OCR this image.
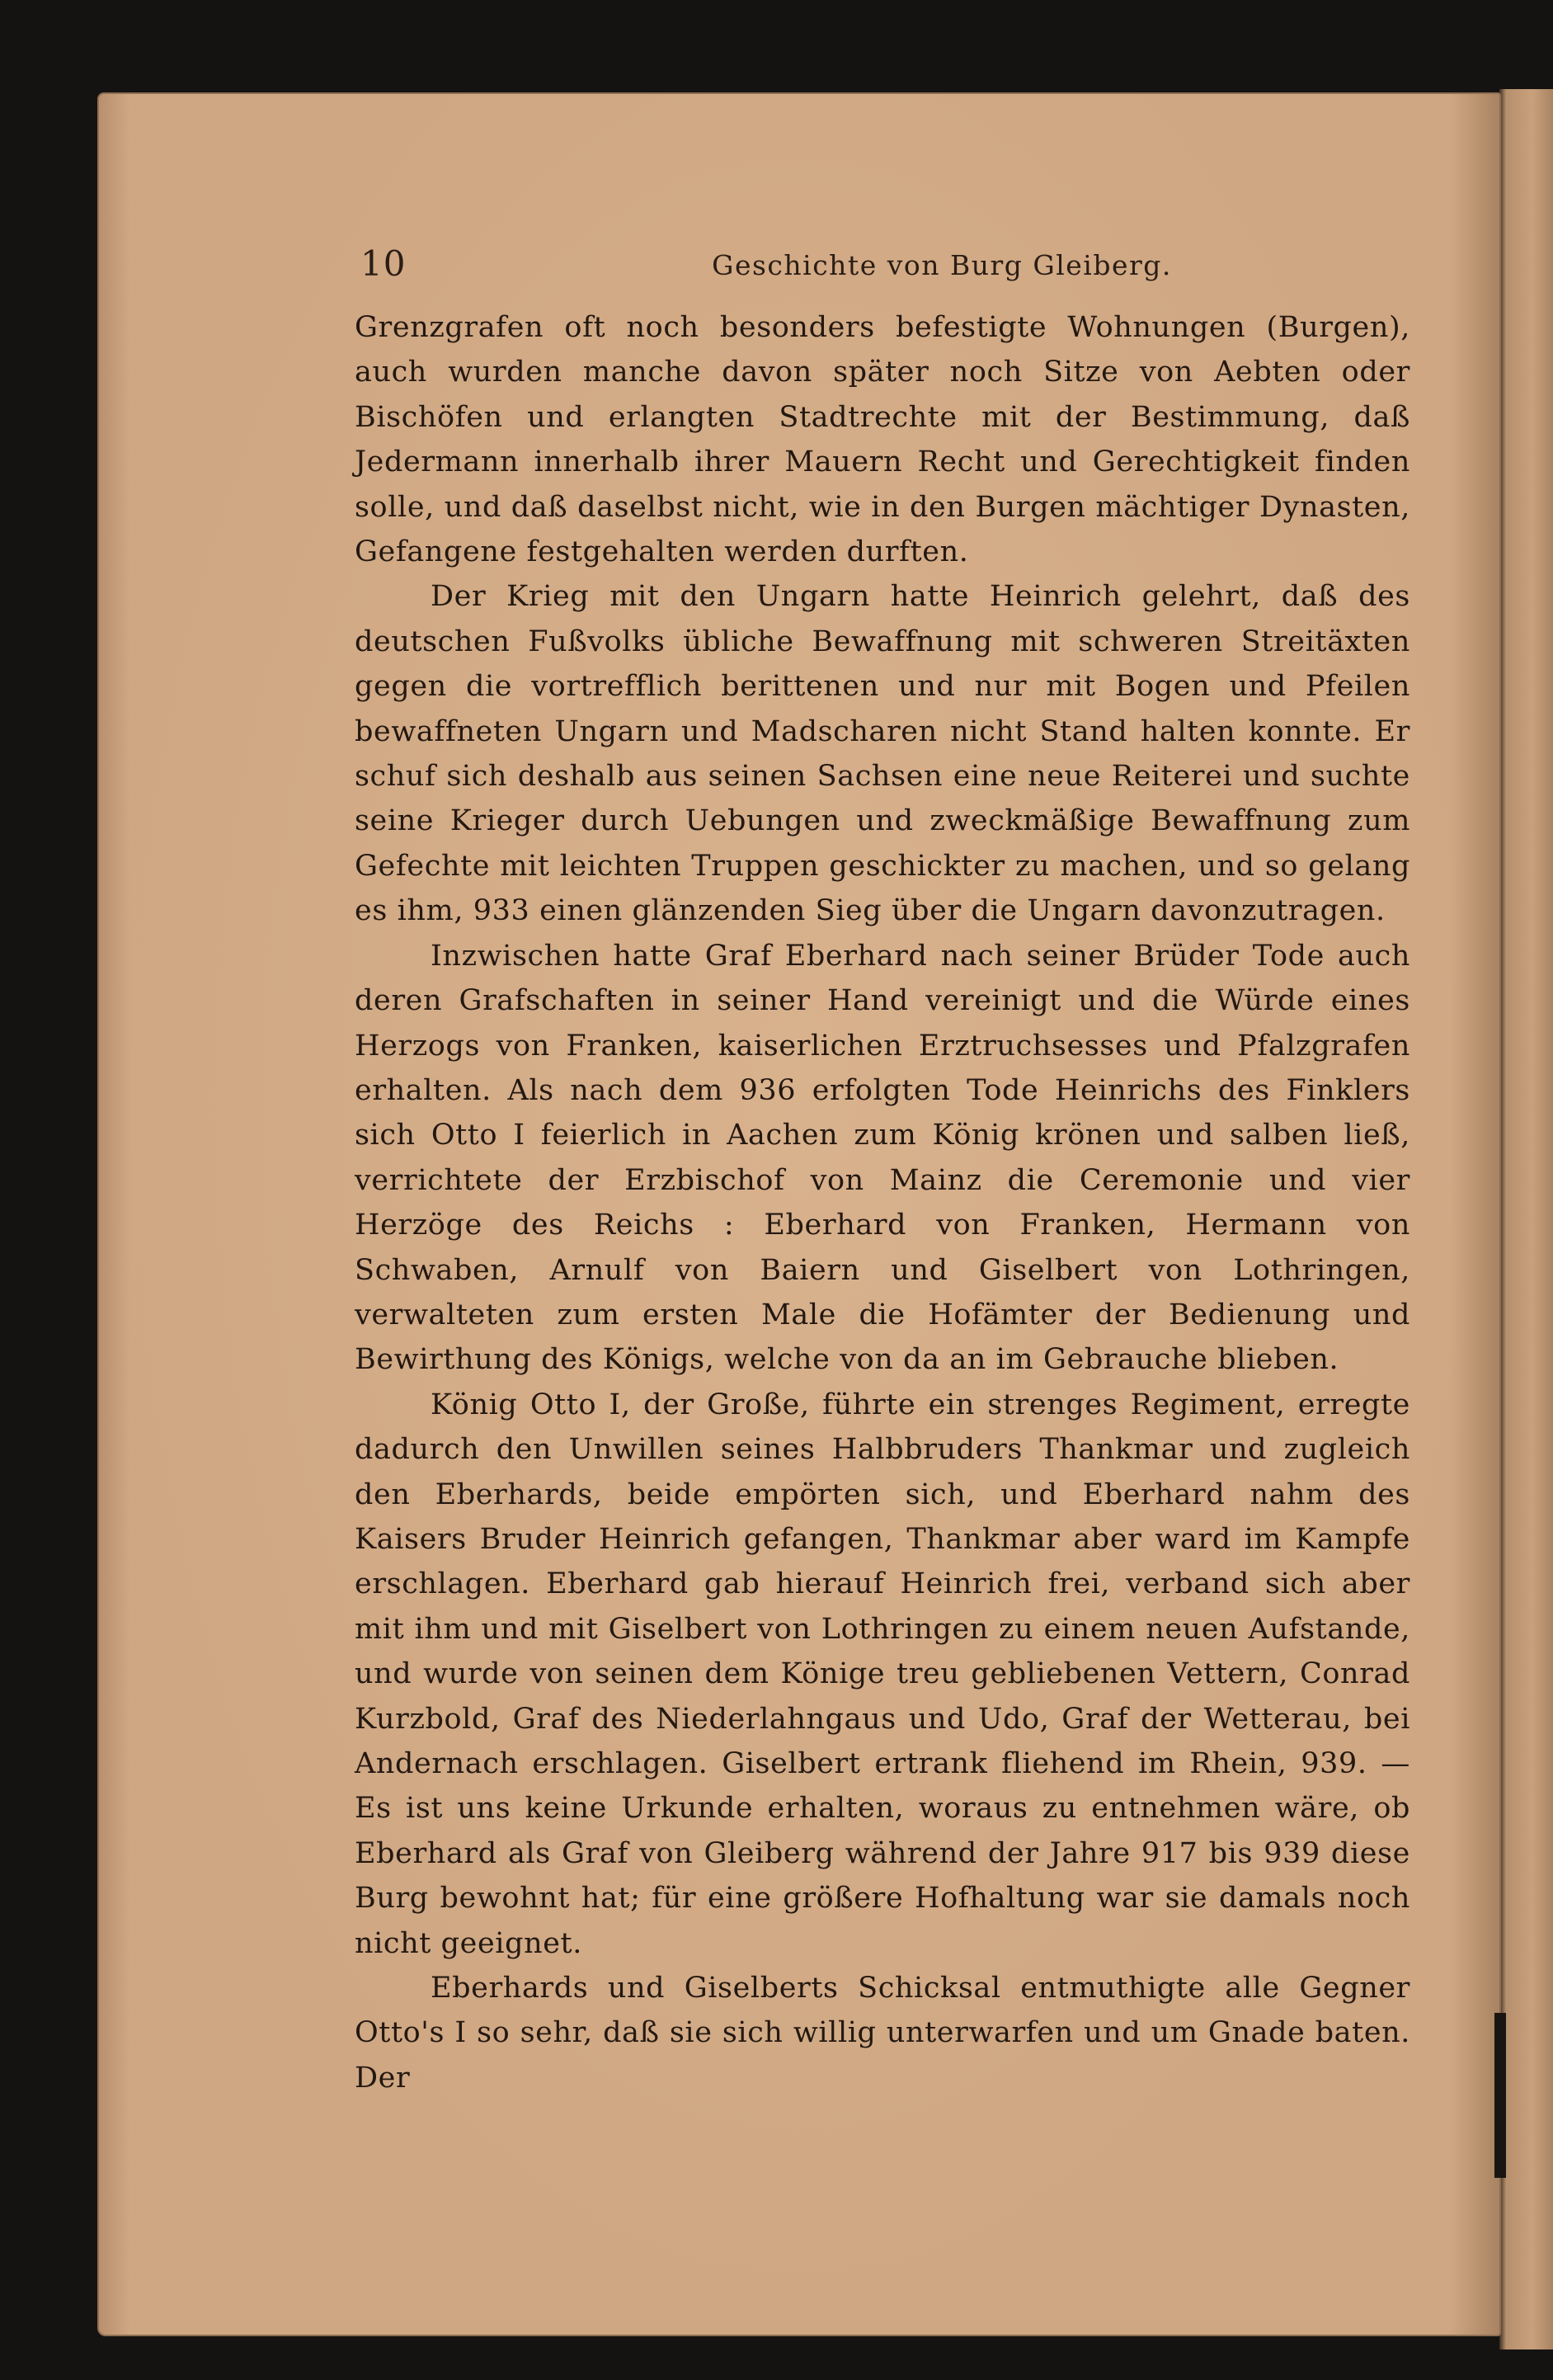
10	Geschichte von Burg Gleiberg.

Grenzgrafen oft noch besonders befestigte Wohnungen (Burgen), auch wurden manche davon später noch Sitze von Aebten oder Bischöfen und erlangten Stadtrechte mit der Bestimmung, daß Jedermann innerhalb ihrer Mauern Recht und Gerechtigkeit finden solle, und daß daselbst nicht, wie in den Burgen mächtiger Dynasten, Gefangene festgehalten werden durften.

Der Krieg mit den Ungarn hatte Heinrich gelehrt, daß des deutschen Fußvolks übliche Bewaffnung mit schweren Streitäxten gegen die vortrefflich berittenen und nur mit Bogen und Pfeilen bewaffneten Ungarn und Madscharen nicht Stand halten konnte. Er schuf sich deshalb aus seinen Sachsen eine neue Reiterei und suchte seine Krieger durch Uebungen und zweckmäßige Bewaffnung zum Gefechte mit leichten Truppen geschickter zu machen, und so gelang es ihm, 933 einen glänzenden Sieg über die Ungarn davonzutragen.

Inzwischen hatte Graf Eberhard nach seiner Brüder Tode auch deren Grafschaften in seiner Hand vereinigt und die Würde eines Herzogs von Franken, kaiserlichen Erztruchsesses und Pfalzgrafen erhalten. Als nach dem 936 erfolgten Tode Heinrichs des Finklers sich Otto I feierlich in Aachen zum König krönen und salben ließ, verrichtete der Erzbischof von Mainz die Ceremonie und vier Herzöge des Reichs : Eberhard von Franken, Hermann von Schwaben, Arnulf von Baiern und Giselbert von Lothringen, verwalteten zum ersten Male die Hofämter der Bedienung und Bewirthung des Königs, welche von da an im Gebrauche blieben.

König Otto I, der Große, führte ein strenges Regiment, erregte dadurch den Unwillen seines Halbbruders Thankmar und zugleich den Eberhards, beide empörten sich, und Eberhard nahm des Kaisers Bruder Heinrich gefangen, Thankmar aber ward im Kampfe erschlagen. Eberhard gab hierauf Heinrich frei, verband sich aber mit ihm und mit Giselbert von Lothringen zu einem neuen Aufstande, und wurde von seinen dem Könige treu gebliebenen Vettern, Conrad Kurzbold, Graf des Niederlahngaus und Udo, Graf der Wetterau, bei Andernach erschlagen. Giselbert ertrank fliehend im Rhein, 939. — Es ist uns keine Urkunde erhalten, woraus zu entnehmen wäre, ob Eberhard als Graf von Gleiberg während der Jahre 917 bis 939 diese Burg bewohnt hat; für eine größere Hofhaltung war sie damals noch nicht geeignet.

Eberhards und Giselberts Schicksal entmuthigte alle Gegner Otto's I so sehr, daß sie sich willig unterwarfen und um Gnade baten. Der
